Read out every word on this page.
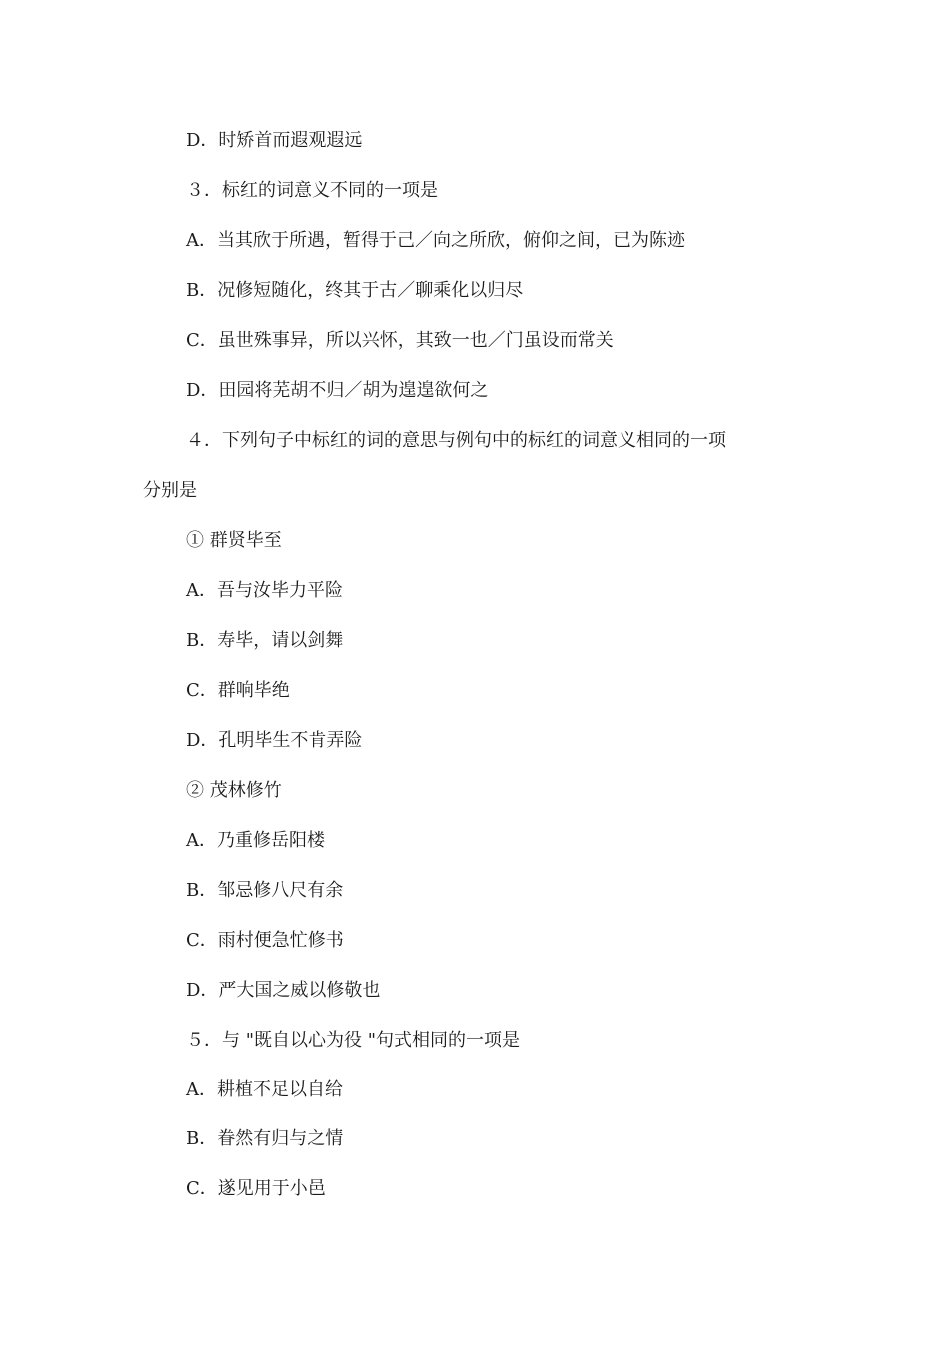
D．时矫首而遐观遐远
３．标红的词意义不同的一项是
A．当其欣于所遇，暂得于己／向之所欣，俯仰之间，已为陈迹
B．况修短随化，终其于古／聊乘化以归尽
C．虽世殊事异，所以兴怀，其致一也／门虽设而常关
D．田园将芜胡不归／胡为遑遑欲何之
４．下列句子中标红的词的意思与例句中的标红的词意义相同的一项
分别是
① 群贤毕至
A．吾与汝毕力平险
B．寿毕，请以剑舞
C．群响毕绝
D．孔明毕生不肯弄险
② 茂林修竹
A．乃重修岳阳楼
B．邹忌修八尺有余
C．雨村便急忙修书
D．严大国之威以修敬也
５．与 "既自以心为役 "句式相同的一项是
A．耕植不足以自给
B．眷然有归与之情
C．遂见用于小邑
